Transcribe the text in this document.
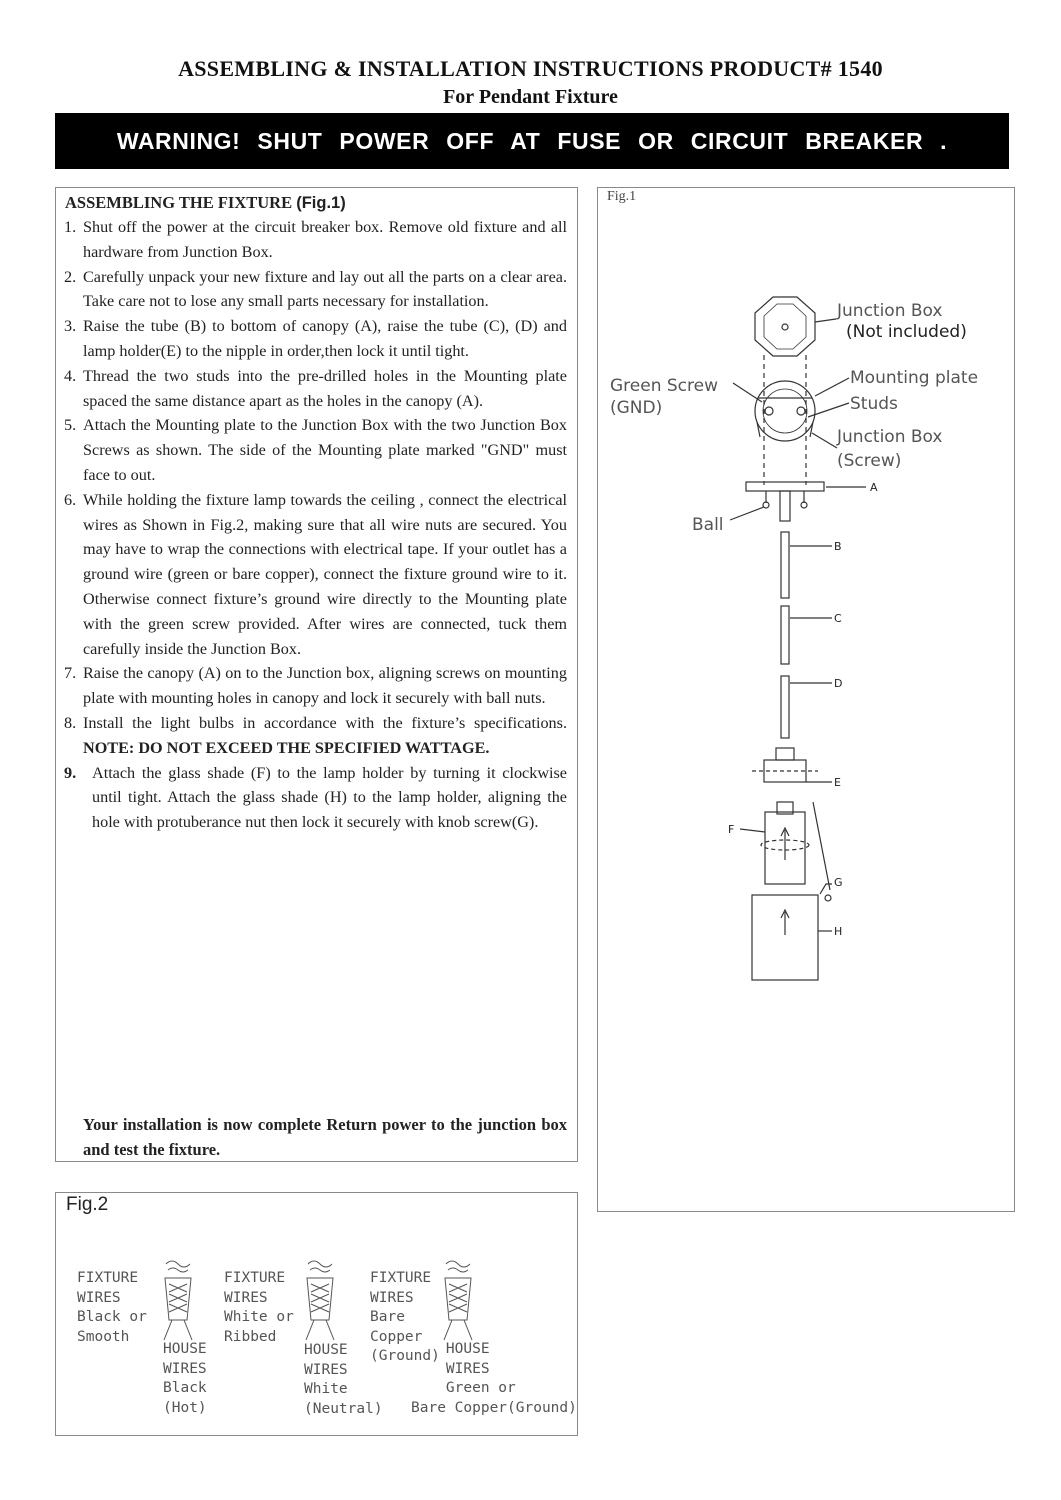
ASSEMBLING & INSTALLATION INSTRUCTIONS PRODUCT# 1540
For Pendant Fixture
WARNING! SHUT POWER OFF AT FUSE OR CIRCUIT BREAKER .
ASSEMBLING THE FIXTURE (Fig.1)
1. Shut off the power at the circuit breaker box. Remove old fixture and all hardware from Junction Box.
2. Carefully unpack your new fixture and lay out all the parts on a clear area. Take care not to lose any small parts necessary for installation.
3. Raise the tube (B) to bottom of canopy (A), raise the tube (C), (D) and lamp holder(E) to the nipple in order,then lock it until tight.
4. Thread the two studs into the pre-drilled holes in the Mounting plate spaced the same distance apart as the holes in the canopy (A).
5. Attach the Mounting plate to the Junction Box with the two Junction Box Screws as shown. The side of the Mounting plate marked "GND" must face to out.
6. While holding the fixture lamp towards the ceiling , connect the electrical wires as Shown in Fig.2, making sure that all wire nuts are secured. You may have to wrap the connections with electrical tape. If your outlet has a ground wire (green or bare copper), connect the fixture ground wire to it. Otherwise connect fixture’s ground wire directly to the Mounting plate with the green screw provided. After wires are connected, tuck them carefully inside the Junction Box.
7. Raise the canopy (A) on to the Junction box, aligning screws on mounting plate with mounting holes in canopy and lock it securely with ball nuts.
8. Install the light bulbs in accordance with the fixture’s specifications. NOTE: DO NOT EXCEED THE SPECIFIED WATTAGE.
9. Attach the glass shade (F) to the lamp holder by turning it clockwise until tight. Attach the glass shade (H) to the lamp holder, aligning the hole with protuberance nut then lock it securely with knob screw(G).
Your installation is now complete Return power to the junction box and test the fixture.
Fig.1
Junction Box
(Not included)
Green Screw
(GND)
Mounting plate
Studs
Junction Box
(Screw)
Ball
A
B
C
D
E
F
G
H
Fig.2
FIXTURE
WIRES
Black or
Smooth
HOUSE
WIRES
Black
(Hot)
FIXTURE
WIRES
White or
Ribbed
HOUSE
WIRES
White
(Neutral)
FIXTURE
WIRES
Bare
Copper
(Ground) HOUSE
WIRES
Green or
Bare Copper(Ground)
